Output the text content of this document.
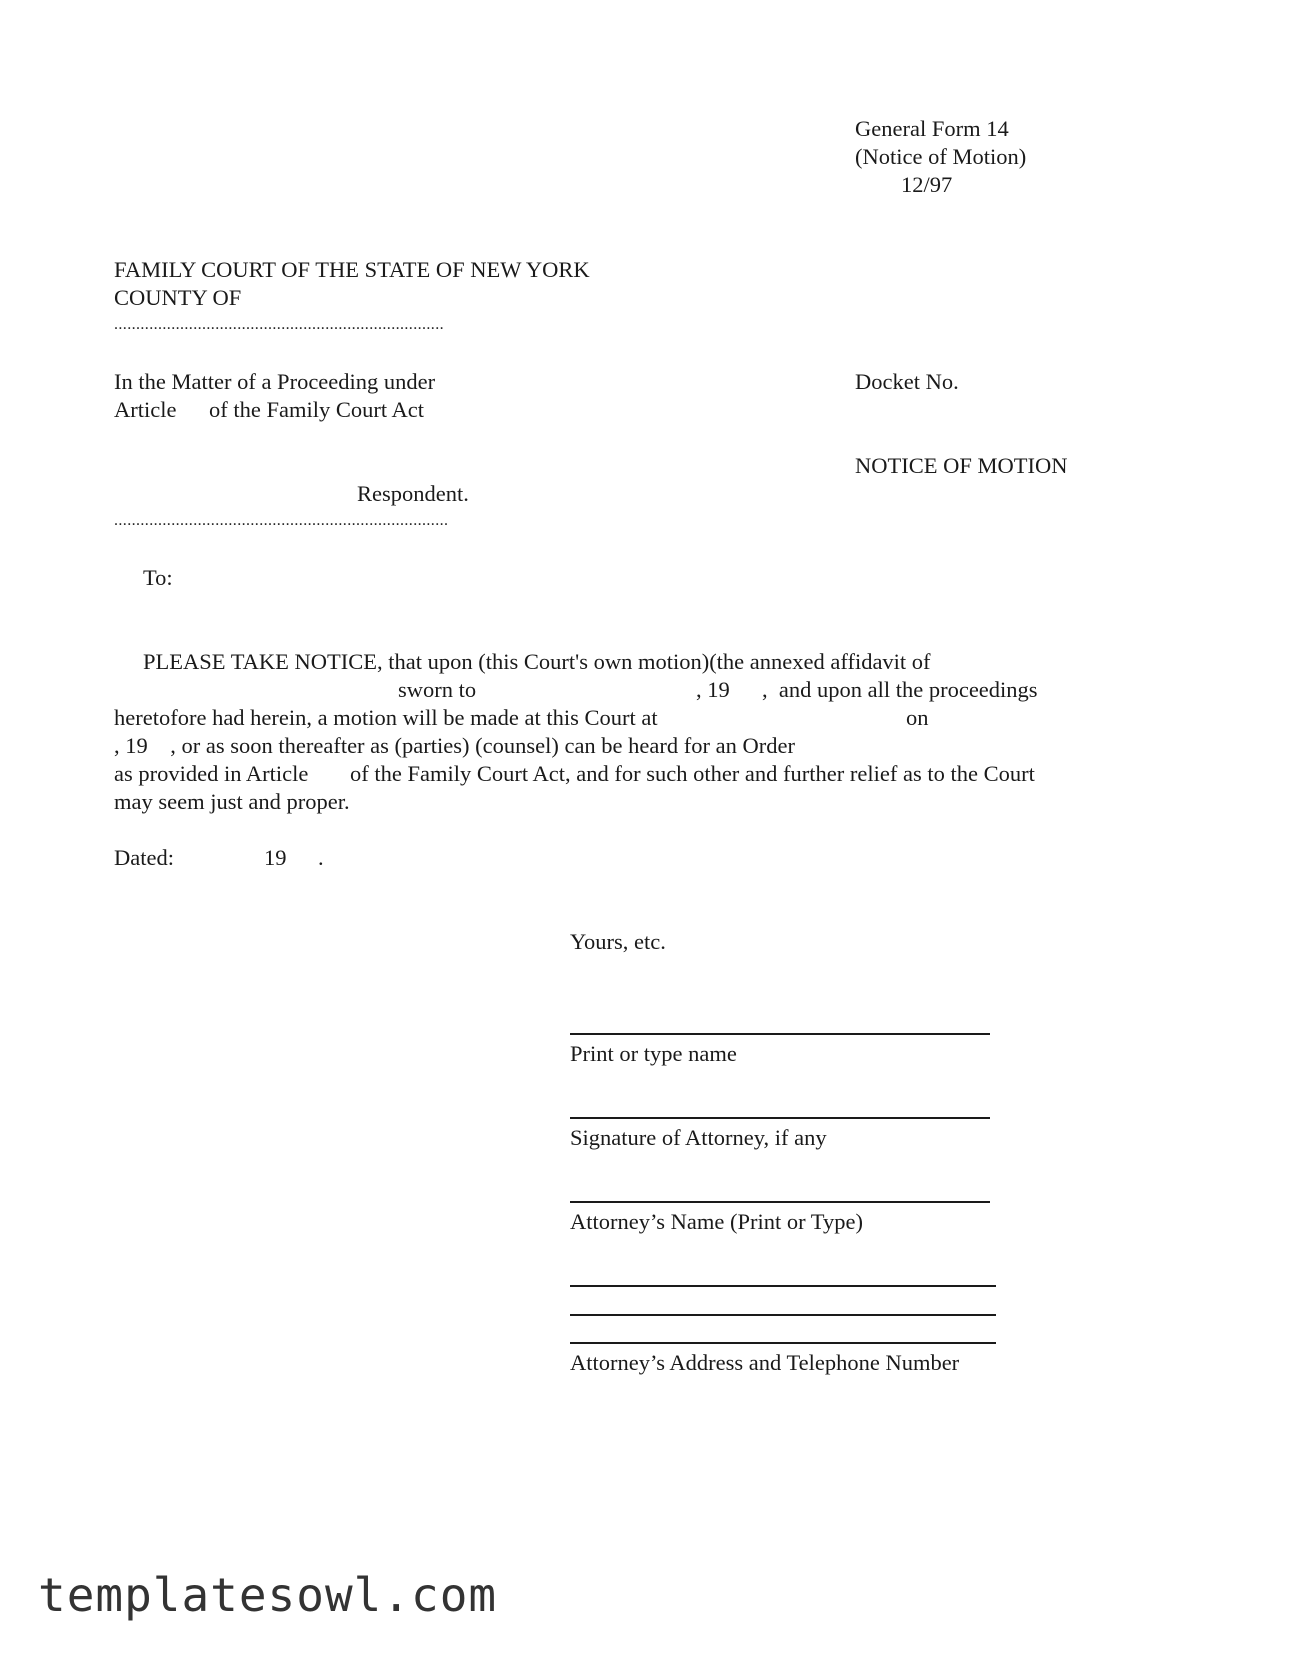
General Form 14
(Notice of Motion)
12/97
FAMILY COURT OF THE STATE OF NEW YORK
COUNTY OF
...........................................................................
In the Matter of a Proceeding under
Article of the Family Court Act
Docket No.
NOTICE OF MOTION
Respondent.
............................................................................
To:
PLEASE TAKE NOTICE, that upon (this Court's own motion)(the annexed affidavit of
sworn to	, 19 ,  and upon all the proceedings
heretofore had herein, a motion will be made at this Court at	on
, 19    , or as soon thereafter as (parties) (counsel) can be heard for an Order
as provided in Article of the Family Court Act, and for such other and further relief as to the Court
may seem just and proper.
Dated:	19 .
Yours, etc.
Print or type name
Signature of Attorney, if any
Attorney’s Name (Print or Type)
Attorney’s Address and Telephone Number
templatesowl.com
